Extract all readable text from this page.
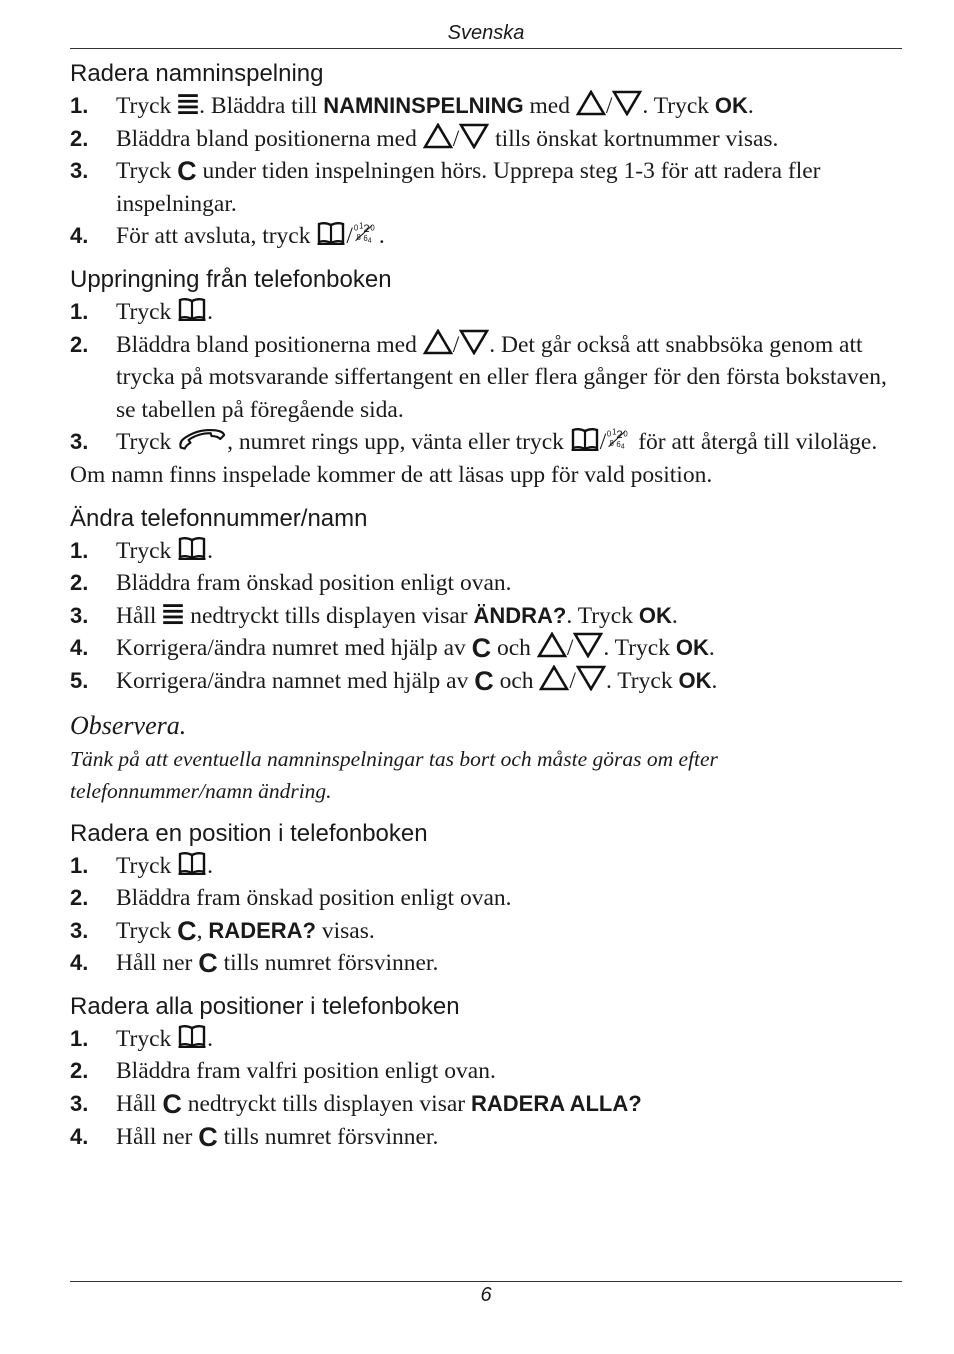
Svenska
Radera namninspelning
1. Tryck
. Bläddra till NAMNINSPELNING med
/ . Tryck OK.
2. Bläddra bland positionerna med
/
tills önskat kortnummer visas.
3. Tryck C under tiden inspelningen hörs. Upprepa steg 1-3 för att radera fler inspelningar.
4. För att avsluta, tryck
/ .
Uppringning från telefonboken
1. Tryck
.
2. Bläddra bland positionerna med
/ . Det går också att snabbsöka genom att trycka på motsvarande siffertangent en eller flera gånger för den första bokstaven, se tabellen på föregående sida.
3. Tryck
, numret rings upp, vänta eller tryck
/
för att återgå till viloläge.
Om namn finns inspelade kommer de att läsas upp för vald position.
Ändra telefonnummer/namn
1. Tryck
.
2. Bläddra fram önskad position enligt ovan.
3. Håll
nedtryckt tills displayen visar ÄNDRA?. Tryck OK.
4. Korrigera/ändra numret med hjälp av C och
/ . Tryck OK.
5. Korrigera/ändra namnet med hjälp av C och
/ . Tryck OK.
Observera.
Tänk på att eventuella namninspelningar tas bort och måste göras om efter telefonnummer/namn ändring.
Radera en position i telefonboken
1. Tryck
.
2. Bläddra fram önskad position enligt ovan.
3. Tryck C, RADERA? visas.
4. Håll ner C tills numret försvinner.
Radera alla positioner i telefonboken
1. Tryck
.
2. Bläddra fram valfri position enligt ovan.
3. Håll C nedtryckt tills displayen visar RADERA ALLA?
4. Håll ner C tills numret försvinner.
6
